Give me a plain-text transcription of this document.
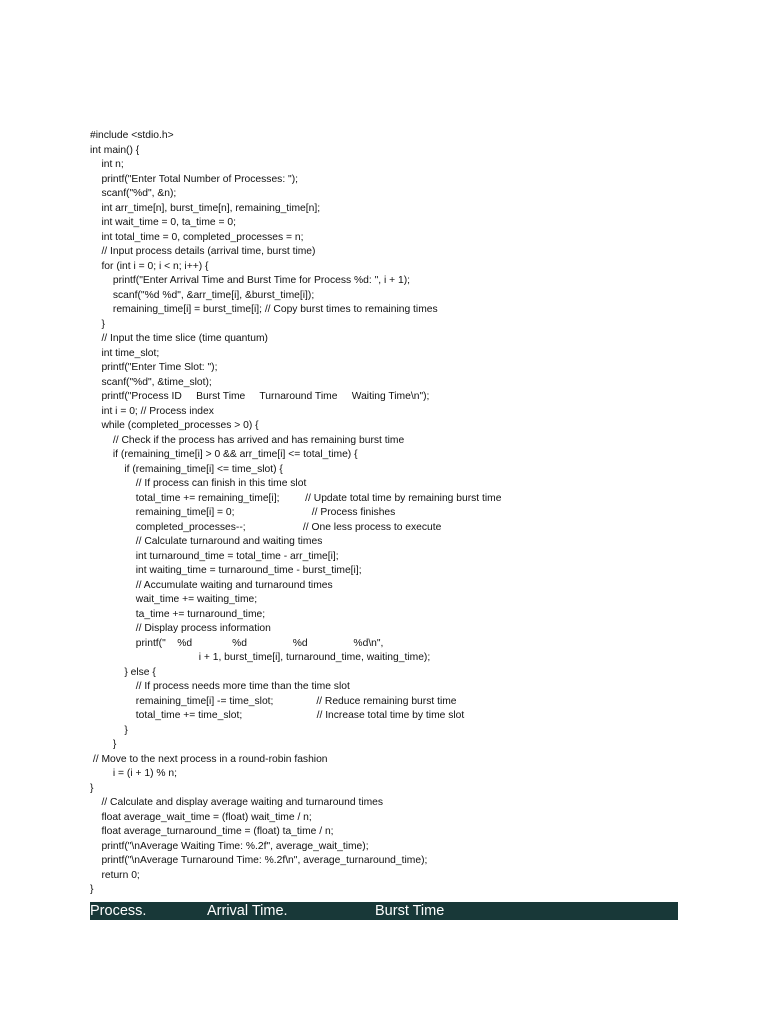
#include <stdio.h>
int main() {
int n;
printf("Enter Total Number of Processes: ");
scanf("%d", &n);
int arr_time[n], burst_time[n], remaining_time[n];
int wait_time = 0, ta_time = 0;
int total_time = 0, completed_processes = n;
// Input process details (arrival time, burst time)
for (int i = 0; i < n; i++) {
printf("Enter Arrival Time and Burst Time for Process %d: ", i + 1);
scanf("%d %d", &arr_time[i], &burst_time[i]);
remaining_time[i] = burst_time[i]; // Copy burst times to remaining times
}
// Input the time slice (time quantum)
int time_slot;
printf("Enter Time Slot: ");
scanf("%d", &time_slot);
printf("Process ID     Burst Time     Turnaround Time     Waiting Time\n");
int i = 0; // Process index
while (completed_processes > 0) {
// Check if the process has arrived and has remaining burst time
if (remaining_time[i] > 0 && arr_time[i] <= total_time) {
if (remaining_time[i] <= time_slot) {
// If process can finish in this time slot
total_time += remaining_time[i];         // Update total time by remaining burst time
remaining_time[i] = 0;                           // Process finishes
completed_processes--;                    // One less process to execute
// Calculate turnaround and waiting times
int turnaround_time = total_time - arr_time[i];
int waiting_time = turnaround_time - burst_time[i];
// Accumulate waiting and turnaround times
wait_time += waiting_time;
ta_time += turnaround_time;
// Display process information
printf("    %d              %d                %d                %d\n",
i + 1, burst_time[i], turnaround_time, waiting_time);
} else {
// If process needs more time than the time slot
remaining_time[i] -= time_slot;               // Reduce remaining burst time
total_time += time_slot;                          // Increase total time by time slot
}
}
// Move to the next process in a round-robin fashion
i = (i + 1) % n;
}
// Calculate and display average waiting and turnaround times
float average_wait_time = (float) wait_time / n;
float average_turnaround_time = (float) ta_time / n;
printf("\nAverage Waiting Time: %.2f", average_wait_time);
printf("\nAverage Turnaround Time: %.2f\n", average_turnaround_time);
return 0;
}
Process.	Arrival Time.	Burst Time
